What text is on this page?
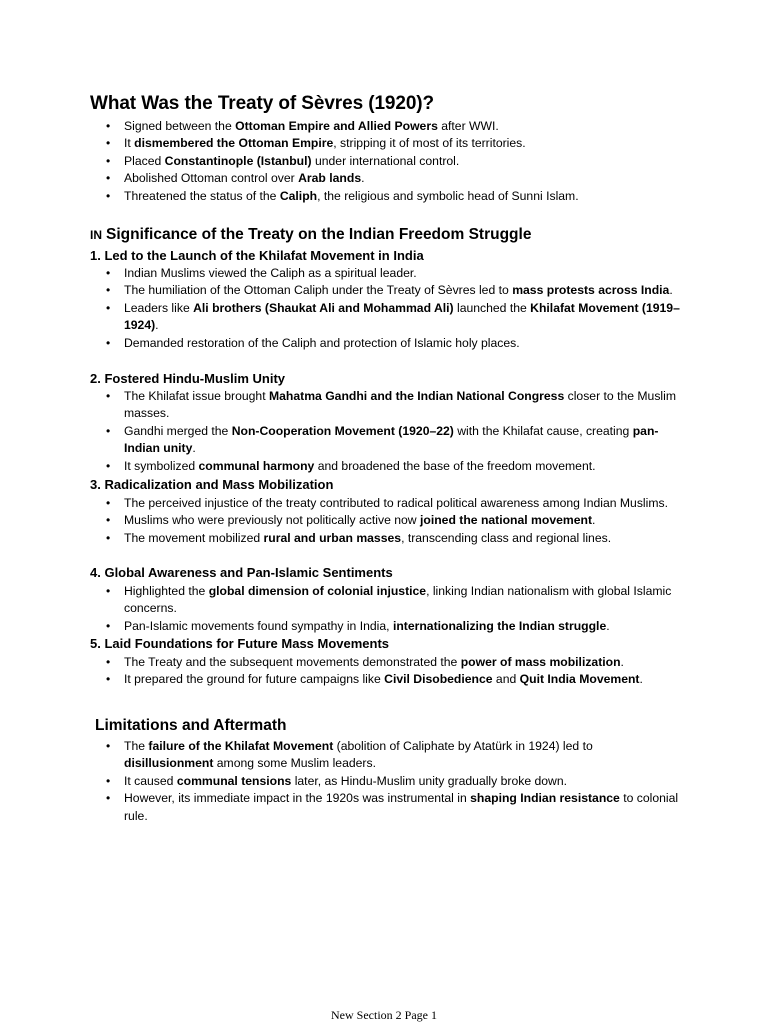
What Was the Treaty of Sèvres (1920)?
• Signed between the Ottoman Empire and Allied Powers after WWI.
• It dismembered the Ottoman Empire, stripping it of most of its territories.
• Placed Constantinople (Istanbul) under international control.
• Abolished Ottoman control over Arab lands.
• Threatened the status of the Caliph, the religious and symbolic head of Sunni Islam.
IN Significance of the Treaty on the Indian Freedom Struggle
1. Led to the Launch of the Khilafat Movement in India
• Indian Muslims viewed the Caliph as a spiritual leader.
• The humiliation of the Ottoman Caliph under the Treaty of Sèvres led to mass protests across India.
• Leaders like Ali brothers (Shaukat Ali and Mohammad Ali) launched the Khilafat Movement (1919–1924).
• Demanded restoration of the Caliph and protection of Islamic holy places.
2. Fostered Hindu-Muslim Unity
• The Khilafat issue brought Mahatma Gandhi and the Indian National Congress closer to the Muslim masses.
• Gandhi merged the Non-Cooperation Movement (1920–22) with the Khilafat cause, creating pan-Indian unity.
• It symbolized communal harmony and broadened the base of the freedom movement.
3. Radicalization and Mass Mobilization
• The perceived injustice of the treaty contributed to radical political awareness among Indian Muslims.
• Muslims who were previously not politically active now joined the national movement.
• The movement mobilized rural and urban masses, transcending class and regional lines.
4. Global Awareness and Pan-Islamic Sentiments
• Highlighted the global dimension of colonial injustice, linking Indian nationalism with global Islamic concerns.
• Pan-Islamic movements found sympathy in India, internationalizing the Indian struggle.
5. Laid Foundations for Future Mass Movements
• The Treaty and the subsequent movements demonstrated the power of mass mobilization.
• It prepared the ground for future campaigns like Civil Disobedience and Quit India Movement.
Limitations and Aftermath
• The failure of the Khilafat Movement (abolition of Caliphate by Atatürk in 1924) led to disillusionment among some Muslim leaders.
• It caused communal tensions later, as Hindu-Muslim unity gradually broke down.
• However, its immediate impact in the 1920s was instrumental in shaping Indian resistance to colonial rule.
New Section 2 Page 1
